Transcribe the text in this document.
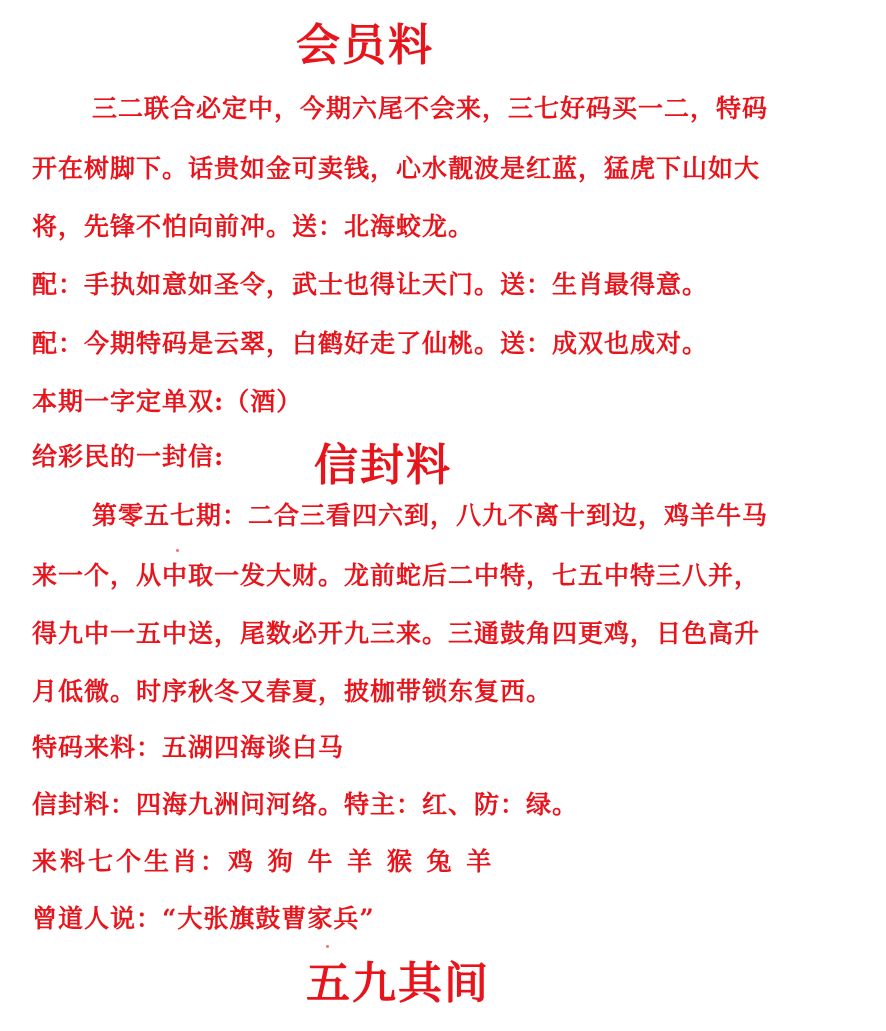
会员料
三二联合必定中，今期六尾不会来，三七好码买一二，特码
开在树脚下。话贵如金可卖钱，心水靓波是红蓝，猛虎下山如大
将，先锋不怕向前冲。送：北海蛟龙。
配：手执如意如圣令，武士也得让天门。送：生肖最得意。
配：今期特码是云翠，白鹤好走了仙桃。送：成双也成对。
本期一字定单双:（酒）
给彩民的一封信: 信封料
第零五七期：二合三看四六到，八九不离十到边，鸡羊牛马
来一个，从中取一发大财。龙前蛇后二中特，七五中特三八并，
得九中一五中送，尾数必开九三来。三通鼓角四更鸡，日色高升
月低微。时序秋冬又春夏，披枷带锁东复西。
特码来料：五湖四海谈白马
信封料：四海九洲问河络。特主：红、防：绿。
来料七个生肖：鸡 狗 牛 羊 猴 兔 羊
曾道人说：“大张旗鼓曹家兵”
五九其间
